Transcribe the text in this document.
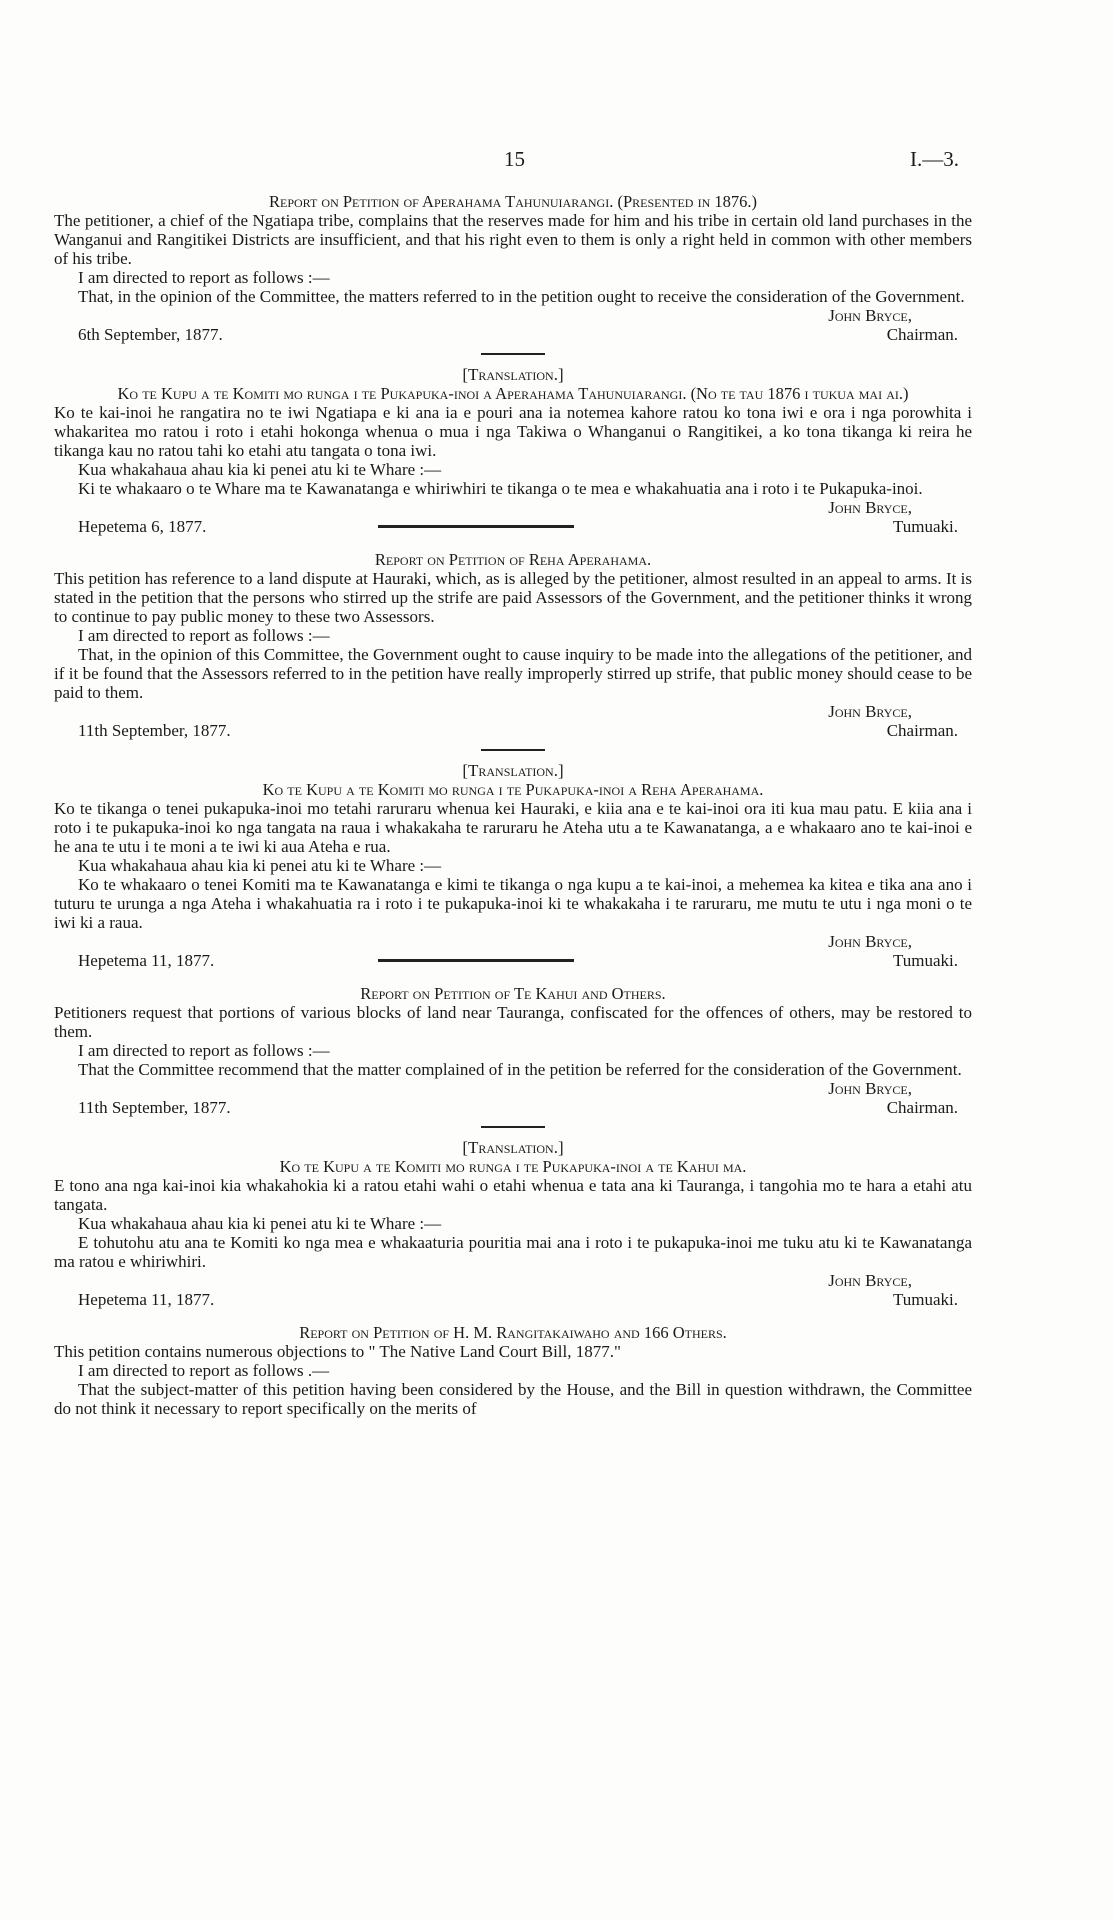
15	I.—3.

Report on Petition of Aperahama Tahunuiarangi. (Presented in 1876.)

The petitioner, a chief of the Ngatiapa tribe, complains that the reserves made for him and his tribe in certain old land purchases in the Wanganui and Rangitikei Districts are insufficient, and that his right even to them is only a right held in common with other members of his tribe.

I am directed to report as follows :—

That, in the opinion of the Committee, the matters referred to in the petition ought to receive the consideration of the Government.

John Bryce,
6th September, 1877.	Chairman.

[Translation.]

Ko te Kupu a te Komiti mo runga i te Pukapuka-inoi a Aperahama Tahunuiarangi. (No te tau 1876 i tukua mai ai.)

Ko te kai-inoi he rangatira no te iwi Ngatiapa e ki ana ia e pouri ana ia notemea kahore ratou ko tona iwi e ora i nga porowhita i whakaritea mo ratou i roto i etahi hokonga whenua o mua i nga Takiwa o Whanganui o Rangitikei, a ko tona tikanga ki reira he tikanga kau no ratou tahi ko etahi atu tangata o tona iwi.

Kua whakahaua ahau kia ki penei atu ki te Whare :—

Ki te whakaaro o te Whare ma te Kawanatanga e whiriwhiri te tikanga o te mea e whakahuatia ana i roto i te Pukapuka-inoi.

John Bryce,
Hepetema 6, 1877.	Tumuaki.

Report on Petition of Reha Aperahama.

This petition has reference to a land dispute at Hauraki, which, as is alleged by the petitioner, almost resulted in an appeal to arms. It is stated in the petition that the persons who stirred up the strife are paid Assessors of the Government, and the petitioner thinks it wrong to continue to pay public money to these two Assessors.

I am directed to report as follows :—

That, in the opinion of this Committee, the Government ought to cause inquiry to be made into the allegations of the petitioner, and if it be found that the Assessors referred to in the petition have really improperly stirred up strife, that public money should cease to be paid to them.

John Bryce,
11th September, 1877.	Chairman.

[Translation.]

Ko te Kupu a te Komiti mo runga i te Pukapuka-inoi a Reha Aperahama.

Ko te tikanga o tenei pukapuka-inoi mo tetahi raruraru whenua kei Hauraki, e kiia ana e te kai-inoi ora iti kua mau patu. E kiia ana i roto i te pukapuka-inoi ko nga tangata na raua i whakakaha te raruraru he Ateha utu a te Kawanatanga, a e whakaaro ano te kai-inoi e he ana te utu i te moni a te iwi ki aua Ateha e rua.

Kua whakahaua ahau kia ki penei atu ki te Whare :—

Ko te whakaaro o tenei Komiti ma te Kawanatanga e kimi te tikanga o nga kupu a te kai-inoi, a mehemea ka kitea e tika ana ano i tuturu te urunga a nga Ateha i whakahuatia ra i roto i te pukapuka-inoi ki te whakakaha i te raruraru, me mutu te utu i nga moni o te iwi ki a raua.

John Bryce,
Hepetema 11, 1877.	Tumuaki.

Report on Petition of Te Kahui and Others.

Petitioners request that portions of various blocks of land near Tauranga, confiscated for the offences of others, may be restored to them.

I am directed to report as follows :—

That the Committee recommend that the matter complained of in the petition be referred for the consideration of the Government.

John Bryce,
11th September, 1877.	Chairman.

[Translation.]

Ko te Kupu a te Komiti mo runga i te Pukapuka-inoi a te Kahui ma.

E tono ana nga kai-inoi kia whakahokia ki a ratou etahi wahi o etahi whenua e tata ana ki Tauranga, i tangohia mo te hara a etahi atu tangata.

Kua whakahaua ahau kia ki penei atu ki te Whare :—

E tohutohu atu ana te Komiti ko nga mea e whakaaturia pouritia mai ana i roto i te pukapuka-inoi me tuku atu ki te Kawanatanga ma ratou e whiriwhiri.

John Bryce,
Hepetema 11, 1877.	Tumuaki.

Report on Petition of H. M. Rangitakaiwaho and 166 Others.

This petition contains numerous objections to " The Native Land Court Bill, 1877."

I am directed to report as follows .—

That the subject-matter of this petition having been considered by the House, and the Bill in question withdrawn, the Committee do not think it necessary to report specifically on the merits of
